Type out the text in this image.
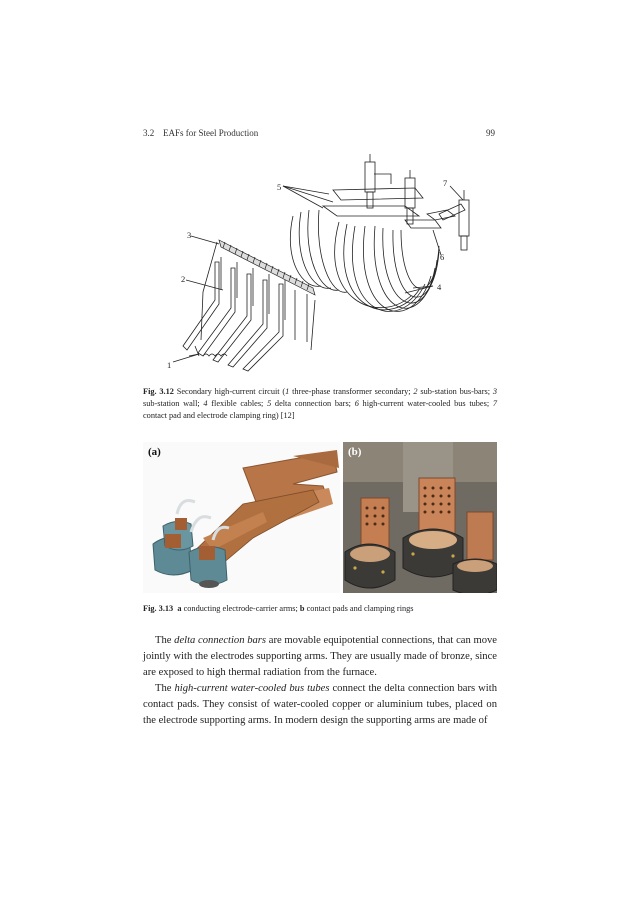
3.2 EAFs for Steel Production	99
1
2
3
4
5
6
7
Fig. 3.12 Secondary high-current circuit (1 three-phase transformer secondary; 2 sub-station bus-bars; 3 sub-station wall; 4 flexible cables; 5 delta connection bars; 6 high-current water-cooled bus tubes; 7 contact pad and electrode clamping ring) [12]
(a)	(b)
Fig. 3.13 a conducting electrode-carrier arms; b contact pads and clamping rings

The delta connection bars are movable equipotential connections, that can move jointly with the electrodes supporting arms. They are usually made of bronze, since are exposed to high thermal radiation from the furnace.

The high-current water-cooled bus tubes connect the delta connection bars with contact pads. They consist of water-cooled copper or aluminium tubes, placed on the electrode supporting arms. In modern design the supporting arms are made of
